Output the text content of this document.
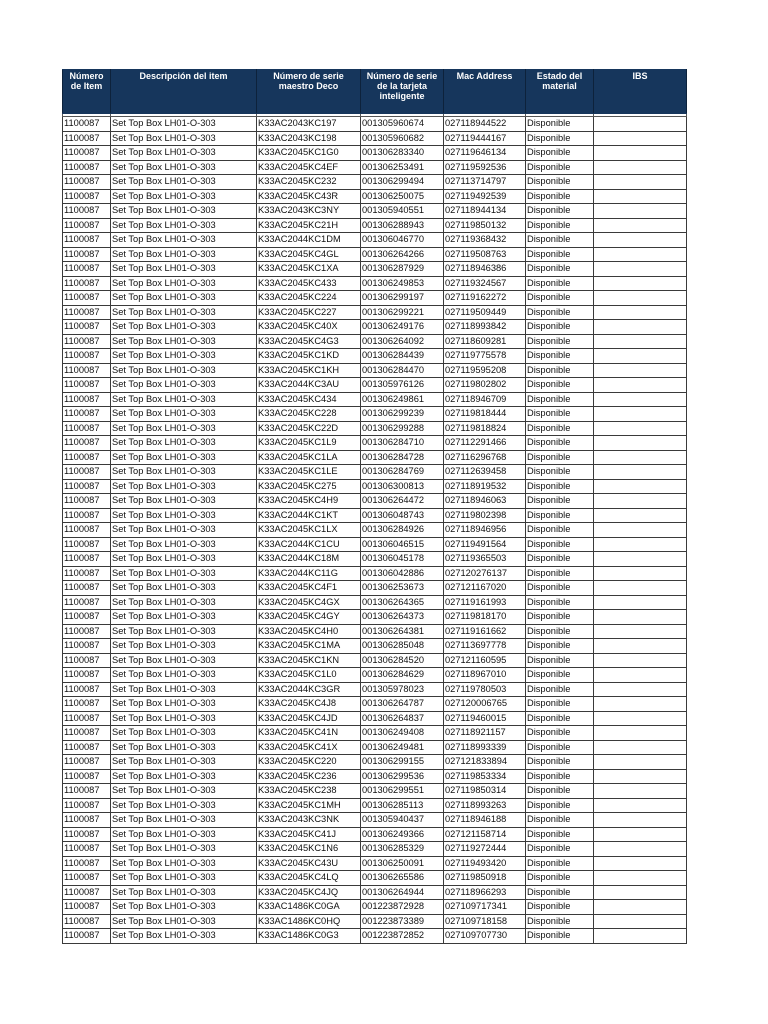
Número de Item	Descripción del item	Número de serie maestro Deco	Número de serie de la tarjeta inteligente	Mac Address	Estado del material	IBS

1100087	Set Top Box LH01-O-303	K33AC2043KC197	001305960674	027118944522	Disponible	
1100087	Set Top Box LH01-O-303	K33AC2043KC198	001305960682	027119444167	Disponible	
1100087	Set Top Box LH01-O-303	K33AC2045KC1G0	001306283340	027119646134	Disponible	
1100087	Set Top Box LH01-O-303	K33AC2045KC4EF	001306253491	027119592536	Disponible	
1100087	Set Top Box LH01-O-303	K33AC2045KC232	001306299494	027113714797	Disponible	
1100087	Set Top Box LH01-O-303	K33AC2045KC43R	001306250075	027119492539	Disponible	
1100087	Set Top Box LH01-O-303	K33AC2043KC3NY	001305940551	027118944134	Disponible	
1100087	Set Top Box LH01-O-303	K33AC2045KC21H	001306288943	027119850132	Disponible	
1100087	Set Top Box LH01-O-303	K33AC2044KC1DM	001306046770	027119368432	Disponible	
1100087	Set Top Box LH01-O-303	K33AC2045KC4GL	001306264266	027119508763	Disponible	
1100087	Set Top Box LH01-O-303	K33AC2045KC1XA	001306287929	027118946386	Disponible	
1100087	Set Top Box LH01-O-303	K33AC2045KC433	001306249853	027119324567	Disponible	
1100087	Set Top Box LH01-O-303	K33AC2045KC224	001306299197	027119162272	Disponible	
1100087	Set Top Box LH01-O-303	K33AC2045KC227	001306299221	027119509449	Disponible	
1100087	Set Top Box LH01-O-303	K33AC2045KC40X	001306249176	027118993842	Disponible	
1100087	Set Top Box LH01-O-303	K33AC2045KC4G3	001306264092	027118609281	Disponible	
1100087	Set Top Box LH01-O-303	K33AC2045KC1KD	001306284439	027119775578	Disponible	
1100087	Set Top Box LH01-O-303	K33AC2045KC1KH	001306284470	027119595208	Disponible	
1100087	Set Top Box LH01-O-303	K33AC2044KC3AU	001305976126	027119802802	Disponible	
1100087	Set Top Box LH01-O-303	K33AC2045KC434	001306249861	027118946709	Disponible	
1100087	Set Top Box LH01-O-303	K33AC2045KC228	001306299239	027119818444	Disponible	
1100087	Set Top Box LH01-O-303	K33AC2045KC22D	001306299288	027119818824	Disponible	
1100087	Set Top Box LH01-O-303	K33AC2045KC1L9	001306284710	027112291466	Disponible	
1100087	Set Top Box LH01-O-303	K33AC2045KC1LA	001306284728	027116296768	Disponible	
1100087	Set Top Box LH01-O-303	K33AC2045KC1LE	001306284769	027112639458	Disponible	
1100087	Set Top Box LH01-O-303	K33AC2045KC275	001306300813	027118919532	Disponible	
1100087	Set Top Box LH01-O-303	K33AC2045KC4H9	001306264472	027118946063	Disponible	
1100087	Set Top Box LH01-O-303	K33AC2044KC1KT	001306048743	027119802398	Disponible	
1100087	Set Top Box LH01-O-303	K33AC2045KC1LX	001306284926	027118946956	Disponible	
1100087	Set Top Box LH01-O-303	K33AC2044KC1CU	001306046515	027119491564	Disponible	
1100087	Set Top Box LH01-O-303	K33AC2044KC18M	001306045178	027119365503	Disponible	
1100087	Set Top Box LH01-O-303	K33AC2044KC11G	001306042886	027120276137	Disponible	
1100087	Set Top Box LH01-O-303	K33AC2045KC4F1	001306253673	027121167020	Disponible	
1100087	Set Top Box LH01-O-303	K33AC2045KC4GX	001306264365	027119161993	Disponible	
1100087	Set Top Box LH01-O-303	K33AC2045KC4GY	001306264373	027119818170	Disponible	
1100087	Set Top Box LH01-O-303	K33AC2045KC4H0	001306264381	027119161662	Disponible	
1100087	Set Top Box LH01-O-303	K33AC2045KC1MA	001306285048	027113697778	Disponible	
1100087	Set Top Box LH01-O-303	K33AC2045KC1KN	001306284520	027121160595	Disponible	
1100087	Set Top Box LH01-O-303	K33AC2045KC1L0	001306284629	027118967010	Disponible	
1100087	Set Top Box LH01-O-303	K33AC2044KC3GR	001305978023	027119780503	Disponible	
1100087	Set Top Box LH01-O-303	K33AC2045KC4J8	001306264787	027120006765	Disponible	
1100087	Set Top Box LH01-O-303	K33AC2045KC4JD	001306264837	027119460015	Disponible	
1100087	Set Top Box LH01-O-303	K33AC2045KC41N	001306249408	027118921157	Disponible	
1100087	Set Top Box LH01-O-303	K33AC2045KC41X	001306249481	027118993339	Disponible	
1100087	Set Top Box LH01-O-303	K33AC2045KC220	001306299155	027121833894	Disponible	
1100087	Set Top Box LH01-O-303	K33AC2045KC236	001306299536	027119853334	Disponible	
1100087	Set Top Box LH01-O-303	K33AC2045KC238	001306299551	027119850314	Disponible	
1100087	Set Top Box LH01-O-303	K33AC2045KC1MH	001306285113	027118993263	Disponible	
1100087	Set Top Box LH01-O-303	K33AC2043KC3NK	001305940437	027118946188	Disponible	
1100087	Set Top Box LH01-O-303	K33AC2045KC41J	001306249366	027121158714	Disponible	
1100087	Set Top Box LH01-O-303	K33AC2045KC1N6	001306285329	027119272444	Disponible	
1100087	Set Top Box LH01-O-303	K33AC2045KC43U	001306250091	027119493420	Disponible	
1100087	Set Top Box LH01-O-303	K33AC2045KC4LQ	001306265586	027119850918	Disponible	
1100087	Set Top Box LH01-O-303	K33AC2045KC4JQ	001306264944	027118966293	Disponible	
1100087	Set Top Box LH01-O-303	K33AC1486KC0GA	001223872928	027109717341	Disponible	
1100087	Set Top Box LH01-O-303	K33AC1486KC0HQ	001223873389	027109718158	Disponible	
1100087	Set Top Box LH01-O-303	K33AC1486KC0G3	001223872852	027109707730	Disponible	
